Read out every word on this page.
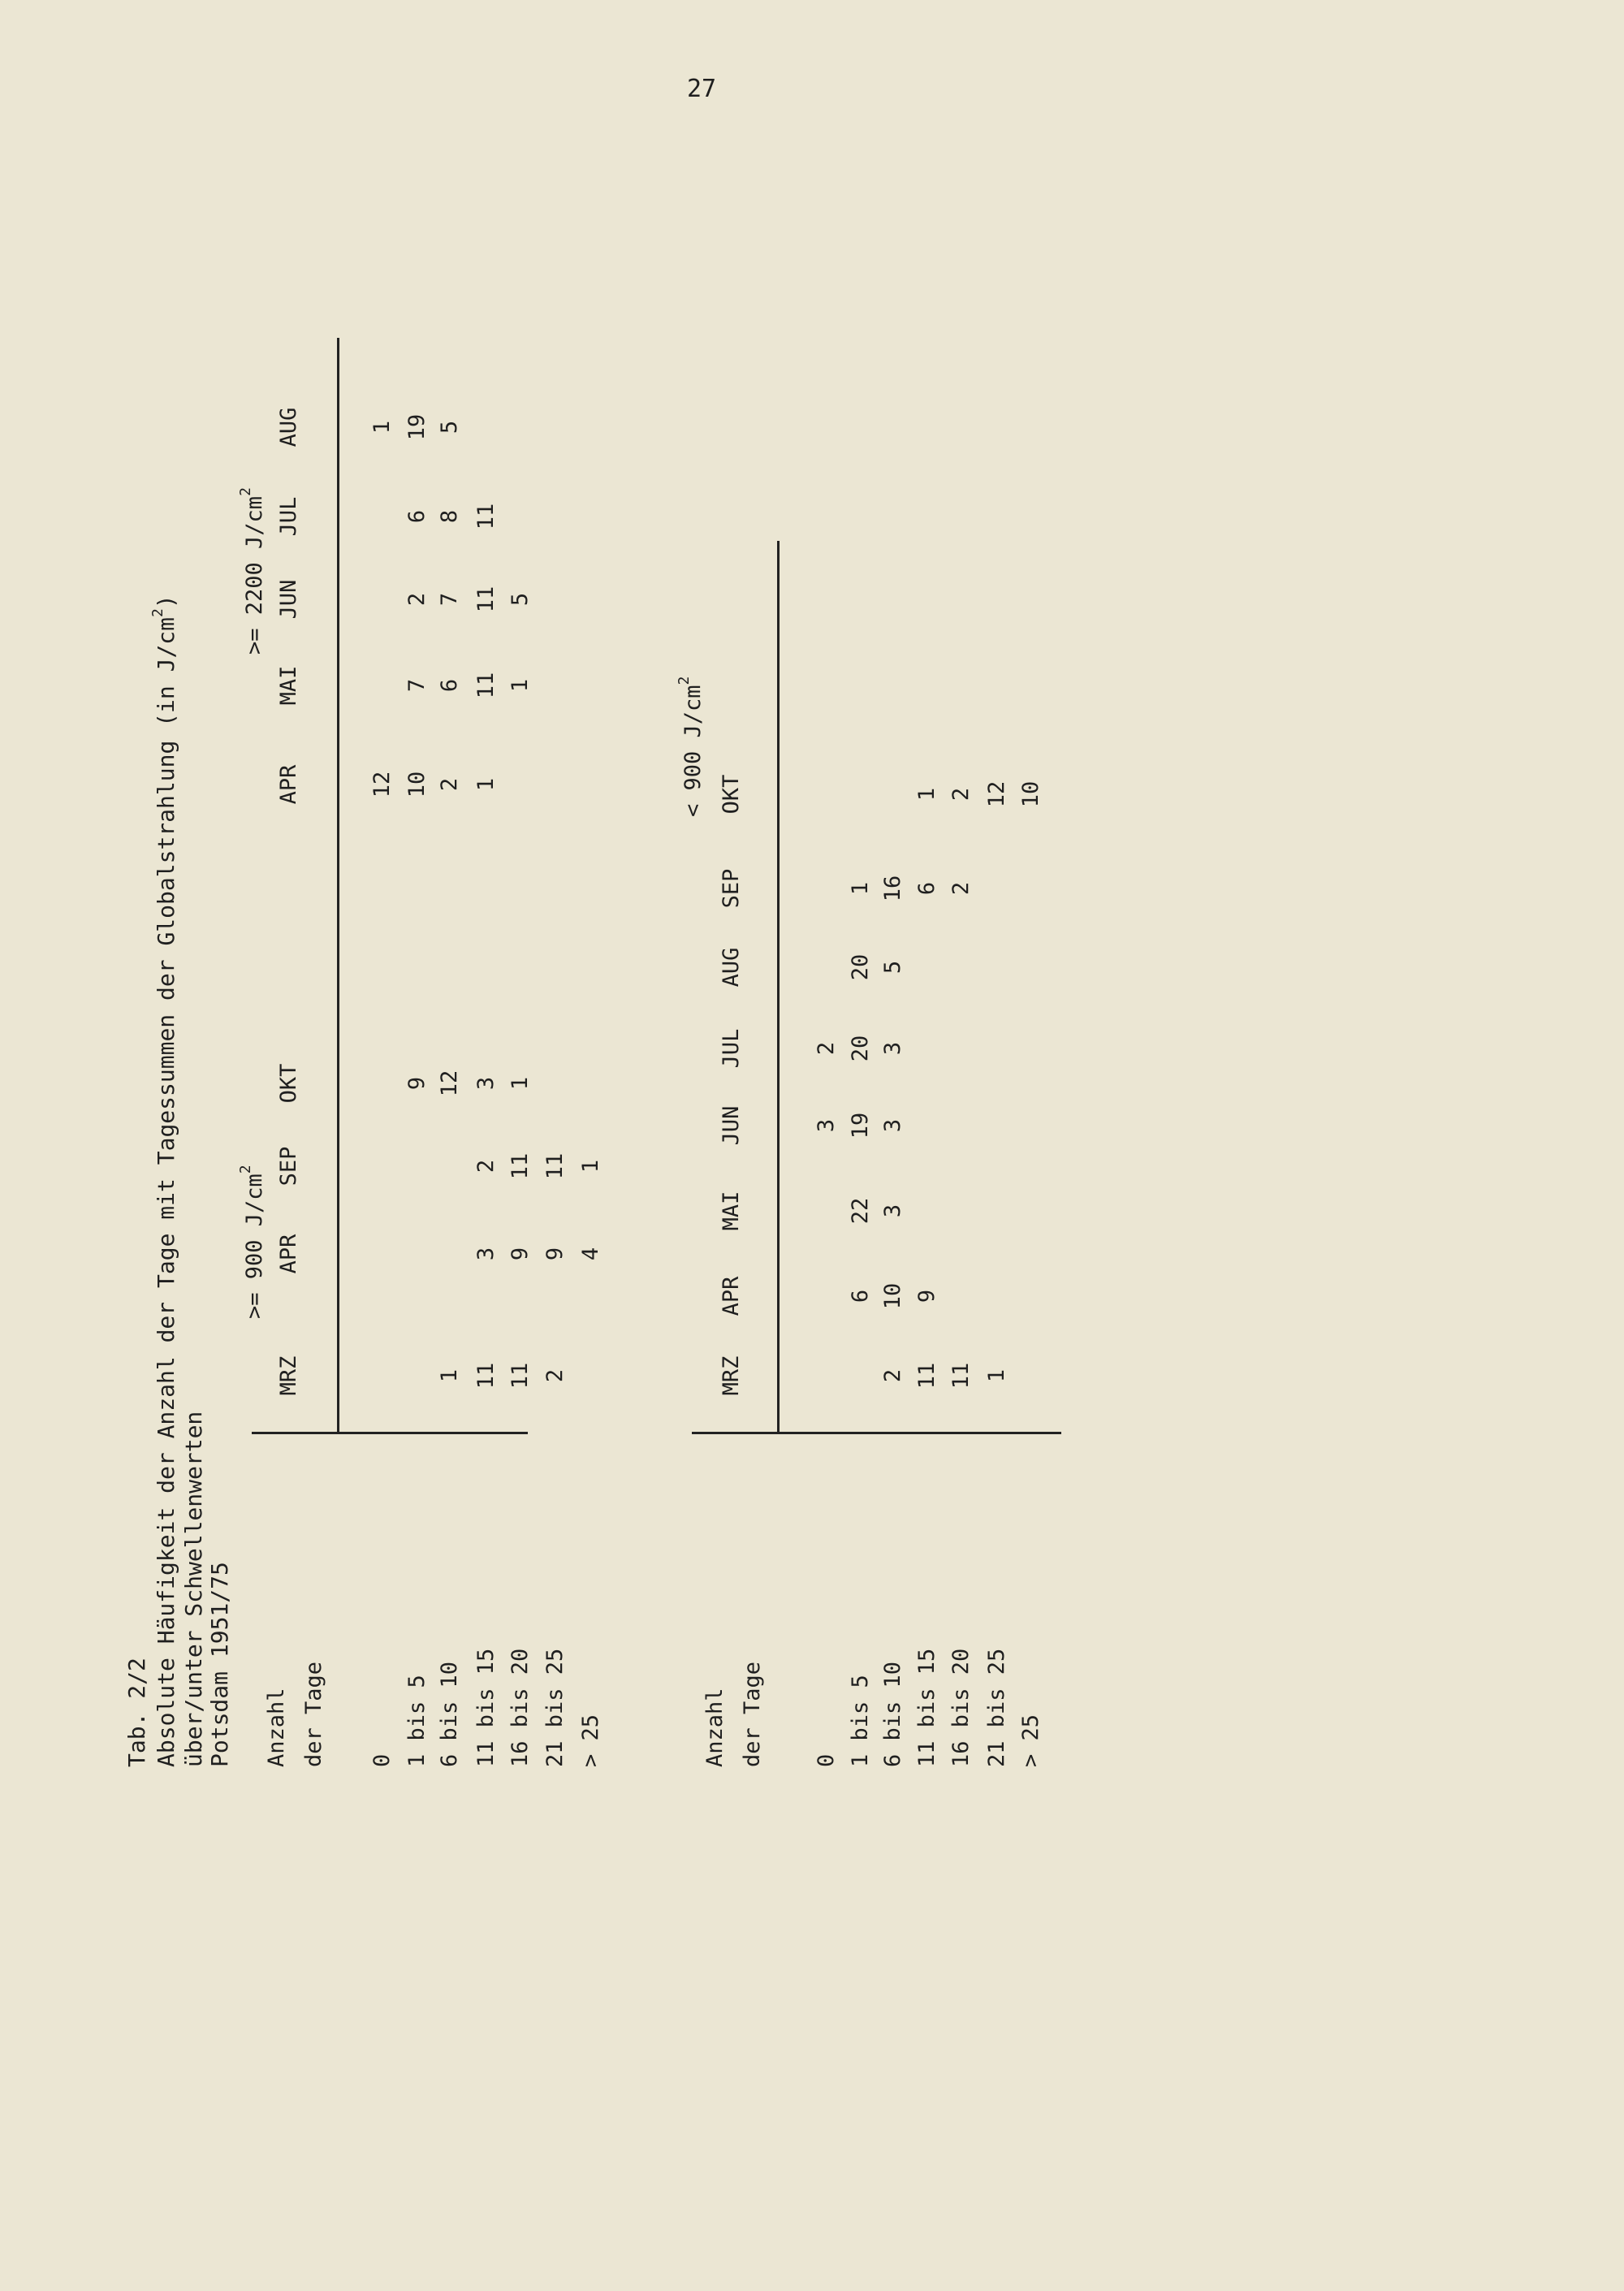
27
Tab. 2/2 Absolute Häufigkeit der Anzahl der Tage mit Tagessummen der Globalstrahlung (in $J/cm^2$)
über/unter Schwellenwerten Potsdam 1951/75 Anzahl der Tage
>= 900 $J/cm^2$
>= 2200 $J/cm^2$
MRZ
APR
SEP
OKT
APR
MAI
JUN
JUL
AUG
0
12
1
1 bis 5
9
10
7
2
6
19
6 bis 10
1
12
2
6
7
8
5
11 bis 15
11
3
2
3
1
11
11
11
16 bis 20
11
9
11
1
1
5
21 bis 25
2
9
11
> 25
4
1
Anzahl der Tage
< 900 $J/cm^2$
MRZ
APR
MAI
JUN
JUL
AUG
SEP
OKT
0
3
2
1 bis 5
6
22
19
20
20
1
6 bis 10
2
10
3
3
3
5
16
11 bis 15
11
9
6
1
16 bis 20
11
2
2
21 bis 25
1
12
> 25
10
